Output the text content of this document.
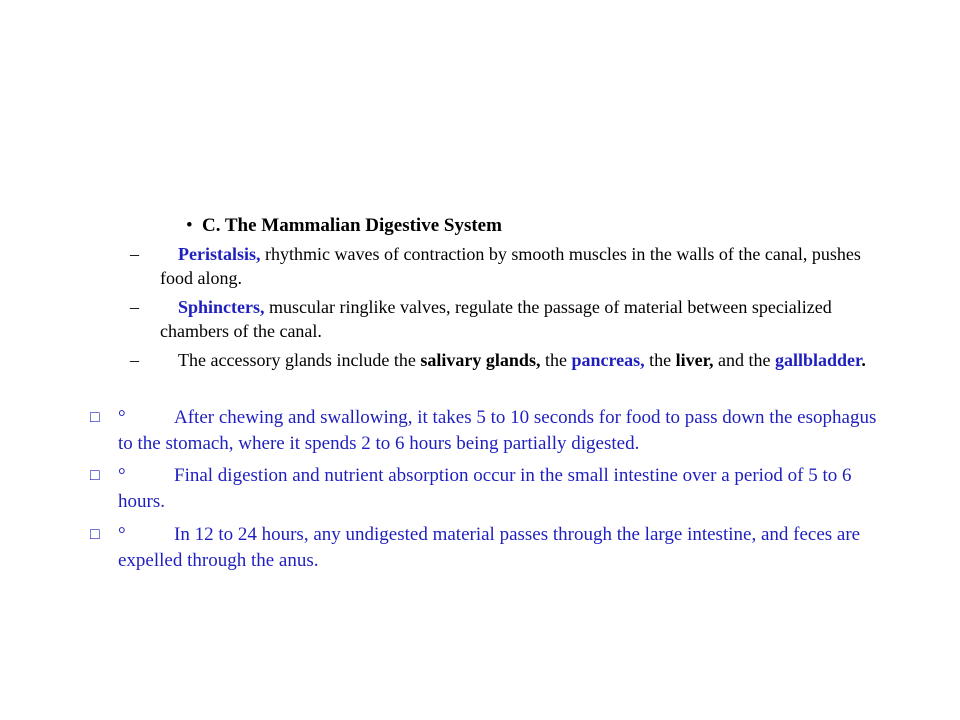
• C. The Mammalian Digestive System
–	Peristalsis, rhythmic waves of contraction by smooth muscles in the walls of the canal, pushes food along.
–	Sphincters, muscular ringlike valves, regulate the passage of material between specialized chambers of the canal.
–	The accessory glands include the salivary glands, the pancreas, the liver, and the gallbladder.
□ °	After chewing and swallowing, it takes 5 to 10 seconds for food to pass down the esophagus to the stomach, where it spends 2 to 6 hours being partially digested.
□ °	Final digestion and nutrient absorption occur in the small intestine over a period of 5 to 6 hours.
□ °	In 12 to 24 hours, any undigested material passes through the large intestine, and feces are expelled through the anus.
